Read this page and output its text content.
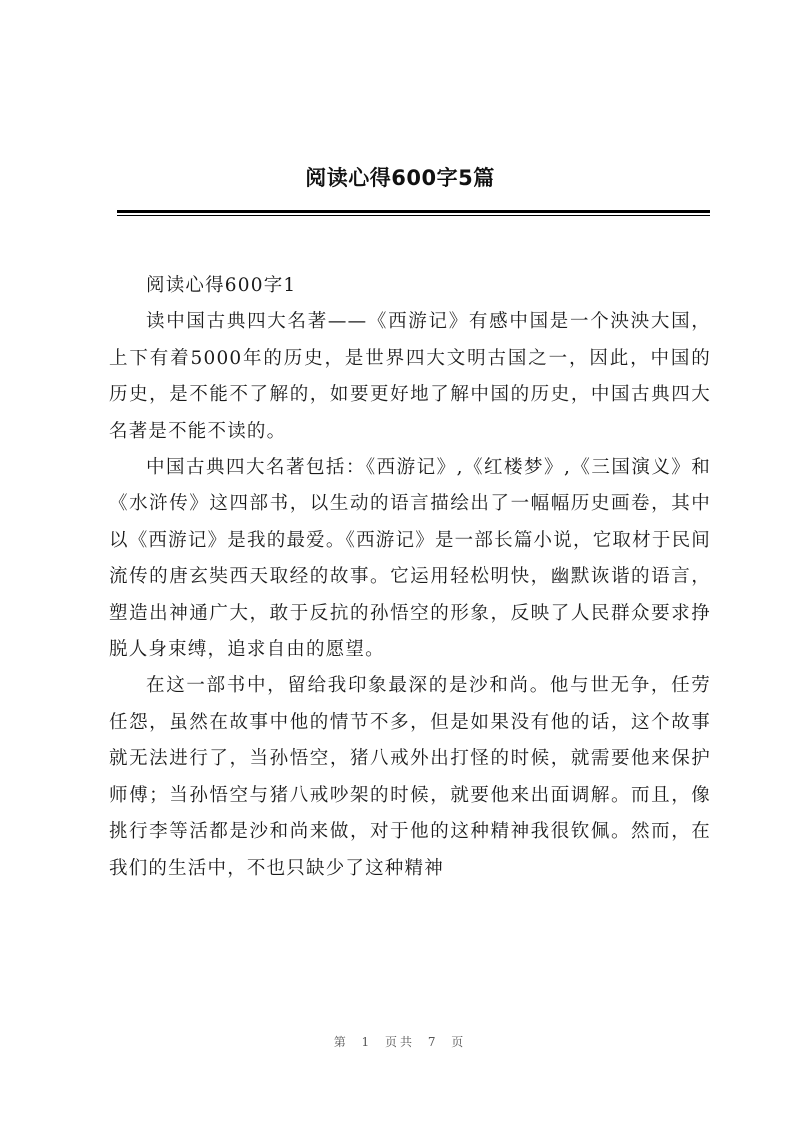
阅读心得600字5篇

阅读心得600字1

读中国古典四大名著——《西游记》有感中国是一个泱泱大国，上下有着5000年的历史，是世界四大文明古国之一，因此，中国的历史，是不能不了解的，如要更好地了解中国的历史，中国古典四大名著是不能不读的。

中国古典四大名著包括：《西游记》,《红楼梦》,《三国演义》和《水浒传》这四部书，以生动的语言描绘出了一幅幅历史画卷，其中以《西游记》是我的最爱。《西游记》是一部长篇小说，它取材于民间流传的唐玄奘西天取经的故事。它运用轻松明快，幽默诙谐的语言，塑造出神通广大，敢于反抗的孙悟空的形象，反映了人民群众要求挣脱人身束缚，追求自由的愿望。

在这一部书中，留给我印象最深的是沙和尚。他与世无争，任劳任怨，虽然在故事中他的情节不多，但是如果没有他的话，这个故事就无法进行了，当孙悟空，猪八戒外出打怪的时候，就需要他来保护师傅；当孙悟空与猪八戒吵架的时候，就要他来出面调解。而且，像挑行李等活都是沙和尚来做，对于他的这种精神我很钦佩。然而，在我们的生活中，不也只缺少了这种精神

第 1 页共 7 页
